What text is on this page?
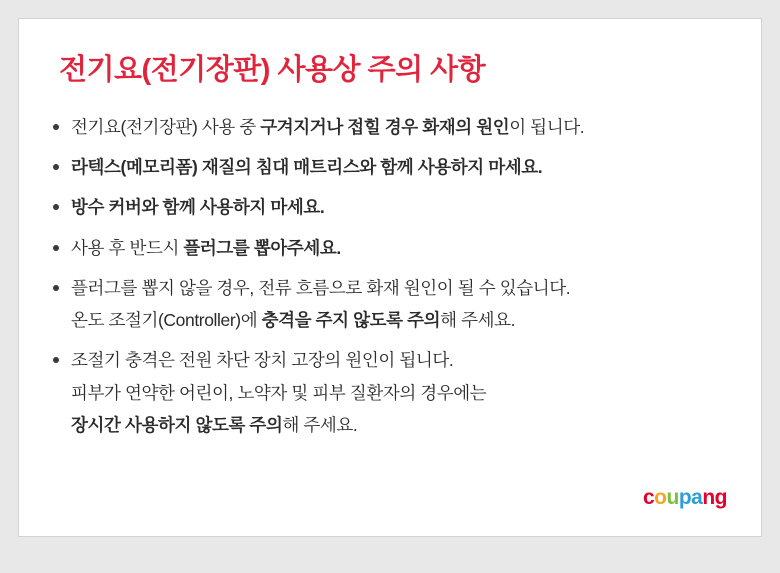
전기요(전기장판) 사용상 주의 사항
전기요(전기장판) 사용 중 구겨지거나 접힐 경우 화재의 원인이 됩니다.
라텍스(메모리폼) 재질의 침대 매트리스와 함께 사용하지 마세요.
방수 커버와 함께 사용하지 마세요.
사용 후 반드시 플러그를 뽑아주세요.
플러그를 뽑지 않을 경우, 전류 흐름으로 화재 원인이 될 수 있습니다.
온도 조절기(Controller)에 충격을 주지 않도록 주의해 주세요.
조절기 충격은 전원 차단 장치 고장의 원인이 됩니다.
피부가 연약한 어린이, 노약자 및 피부 질환자의 경우에는
장시간 사용하지 않도록 주의해 주세요.
coupang
